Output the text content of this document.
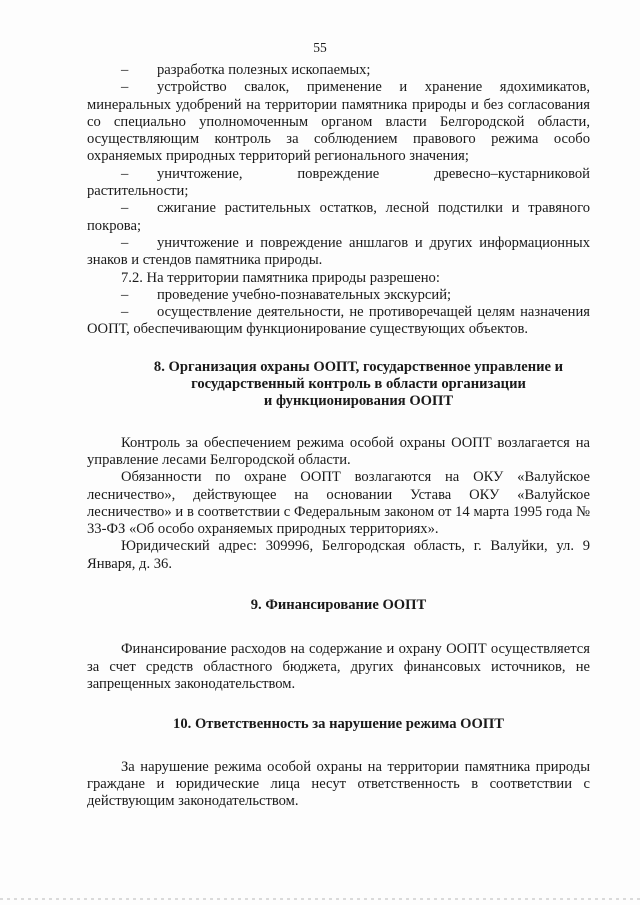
55

– разработка полезных ископаемых;

– устройство свалок, применение и хранение ядохимикатов, минеральных удобрений на территории памятника природы и без согласования со специально уполномоченным органом власти Белгородской области, осуществляющим контроль за соблюдением правового режима особо охраняемых природных территорий регионального значения;

– уничтожение, повреждение древесно–кустарниковой растительности;

– сжигание растительных остатков, лесной подстилки и травяного покрова;

– уничтожение и повреждение аншлагов и других информационных знаков и стендов памятника природы.

7.2. На территории памятника природы разрешено:

– проведение учебно-познавательных экскурсий;

– осуществление деятельности, не противоречащей целям назначения ООПТ, обеспечивающим функционирование существующих объектов.

8. Организация охраны ООПТ, государственное управление и
государственный контроль в области организации
и функционирования ООПТ

Контроль за обеспечением режима особой охраны ООПТ возлагается на управление лесами Белгородской области.

Обязанности по охране ООПТ возлагаются на ОКУ «Валуйское лесничество», действующее на основании Устава ОКУ «Валуйское лесничество» и в соответствии с Федеральным законом от 14 марта 1995 года № 33-ФЗ «Об особо охраняемых природных территориях».

Юридический адрес: 309996, Белгородская область, г. Валуйки, ул. 9 Января, д. 36.

9. Финансирование ООПТ

Финансирование расходов на содержание и охрану ООПТ осуществляется за счет средств областного бюджета, других финансовых источников, не запрещенных законодательством.

10. Ответственность за нарушение режима ООПТ

За нарушение режима особой охраны на территории памятника природы граждане и юридические лица несут ответственность в соответствии с действующим законодательством.
